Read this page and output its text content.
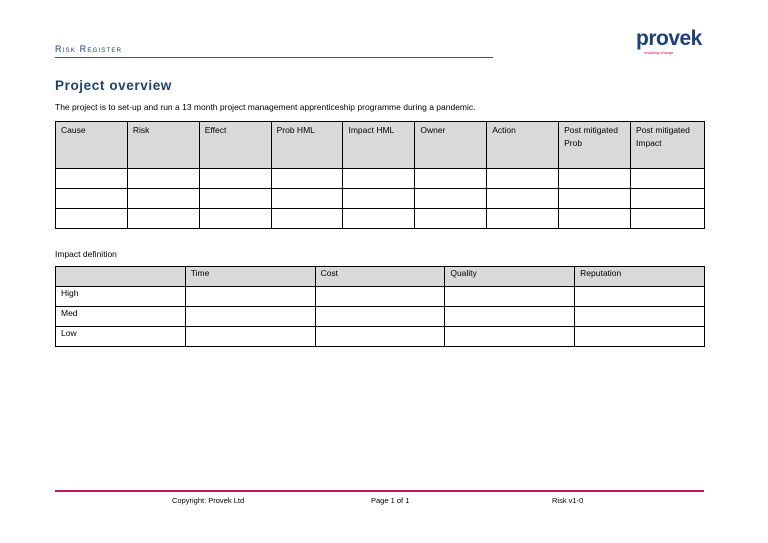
Risk Register	provek
enabling change
Project overview
The project is to set-up and run a 13 month project management apprenticeship programme during a pandemic.
Cause	Risk	Effect	Prob HML	Impact HML	Owner	Action	Post mitigated Prob	Post mitigated Impact

Impact definition
	Time	Cost	Quality	Reputation
High				
Med				
Low				
Copyright: Provek Ltd	Page 1 of 1	Risk v1-0
